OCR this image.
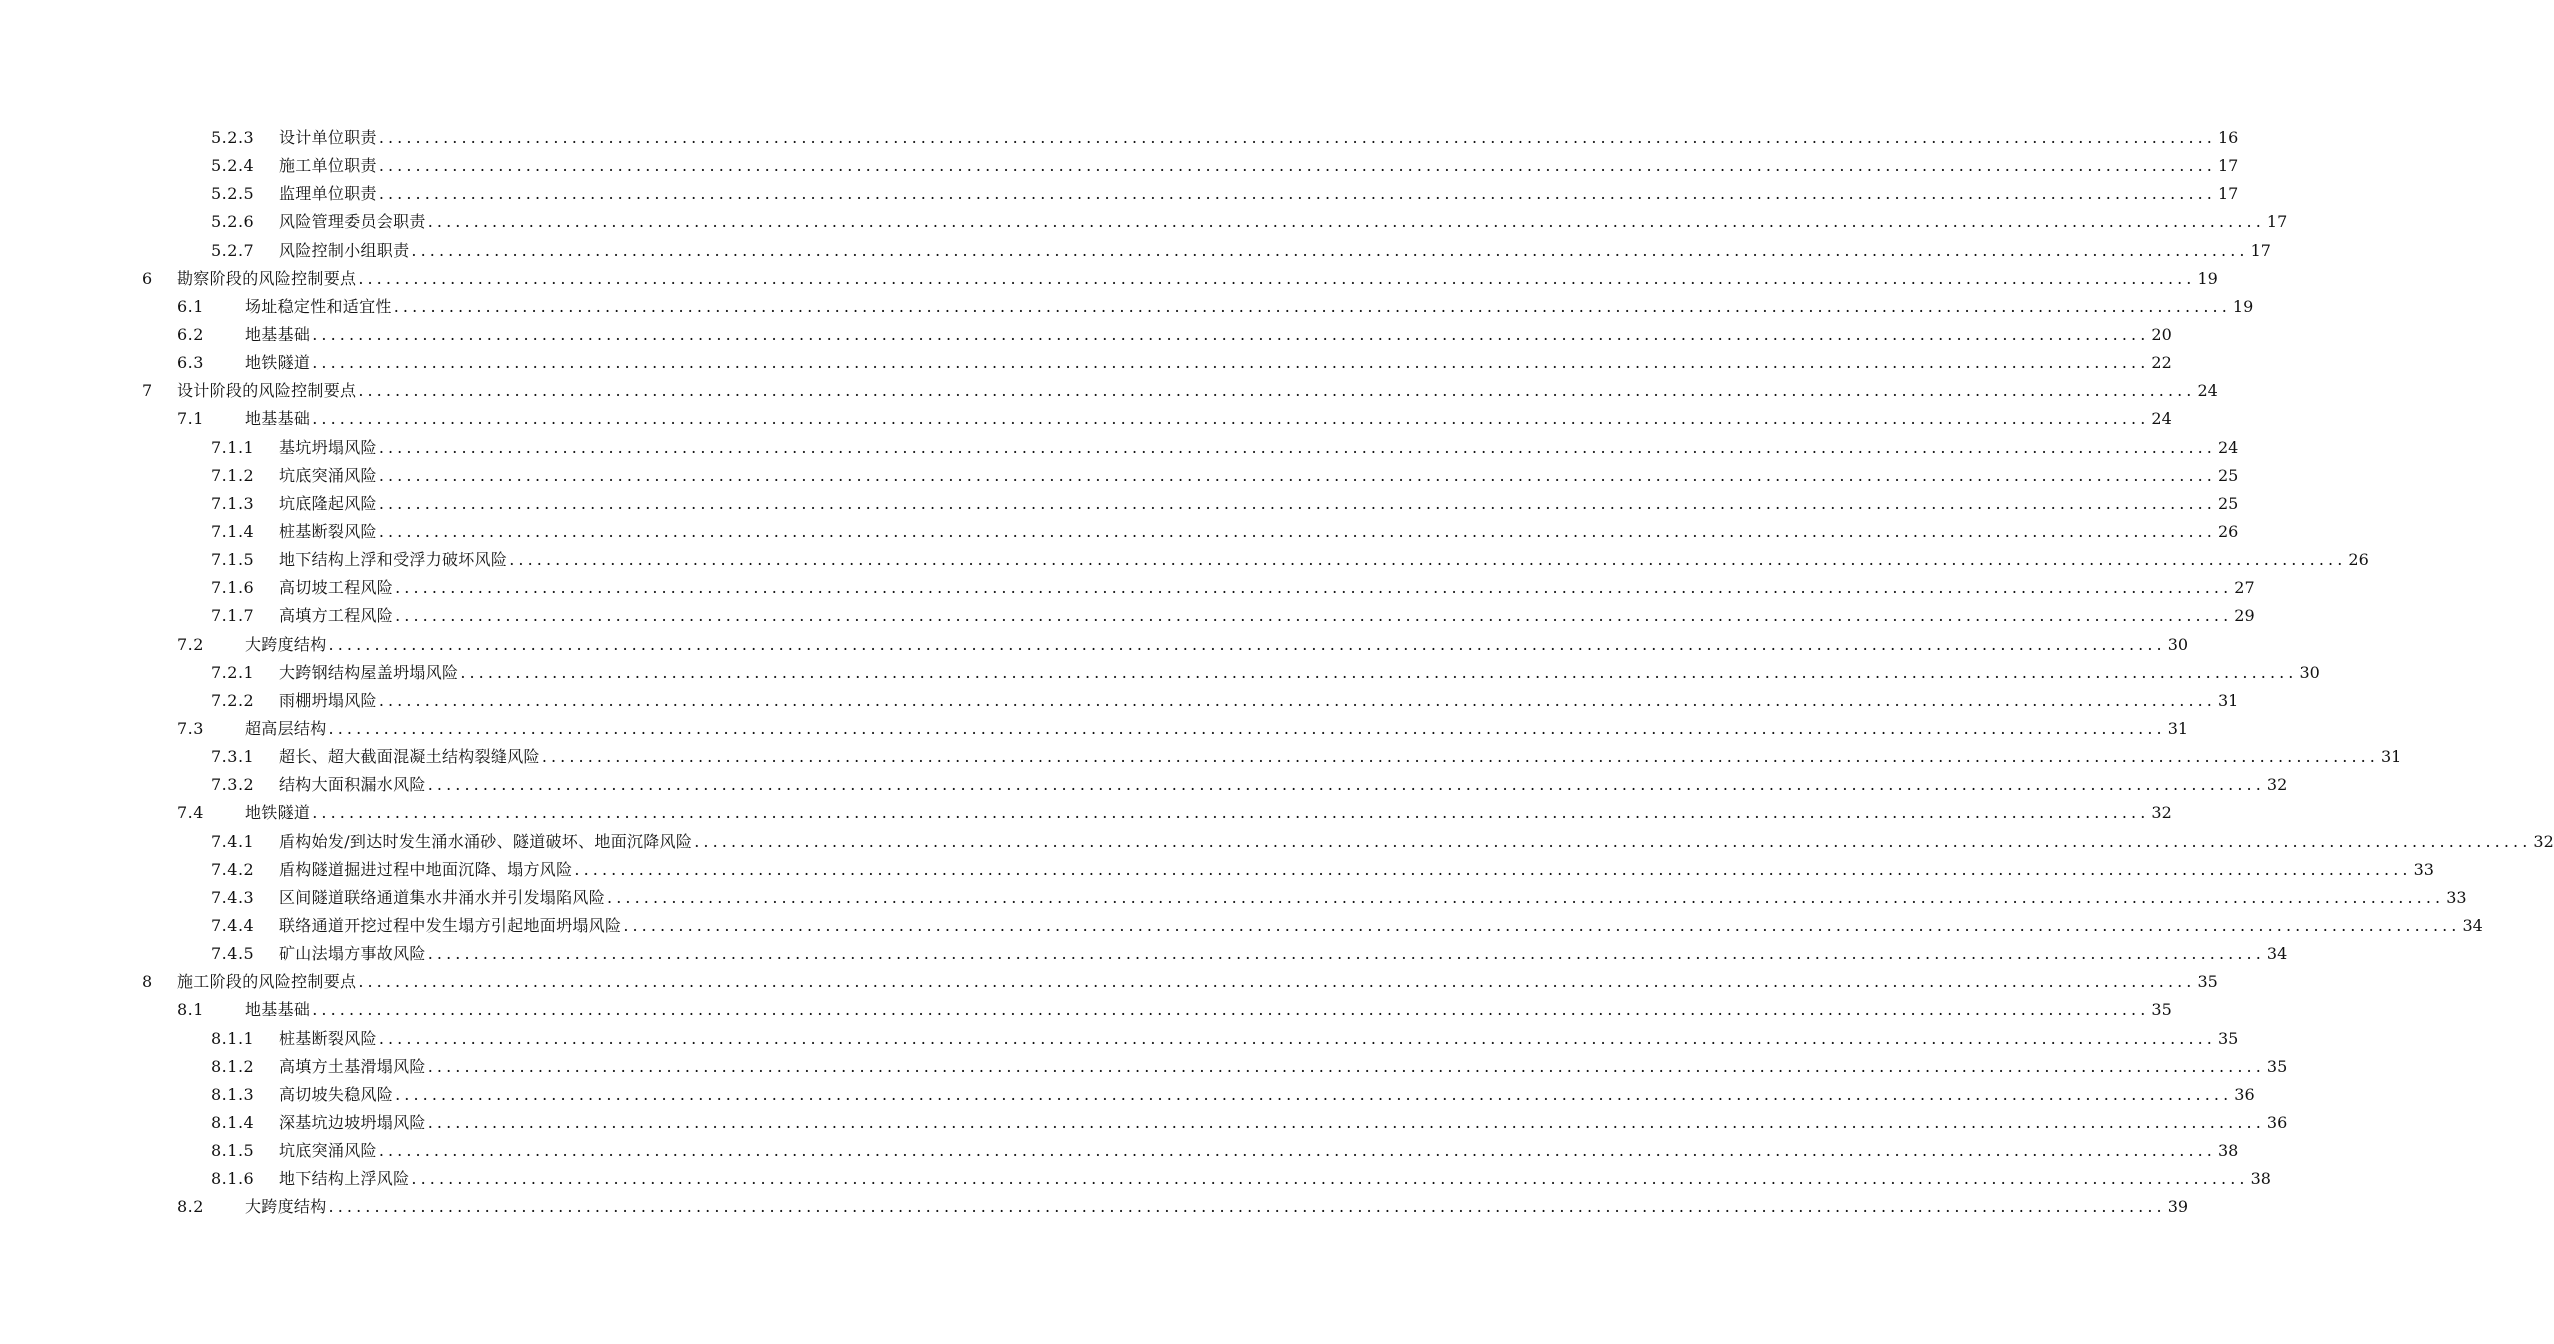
5.2.3 设计单位职责 ........................................................................................................................................................................................................ 16
5.2.4 施工单位职责 ........................................................................................................................................................................................................ 17
5.2.5 监理单位职责 ........................................................................................................................................................................................................ 17
5.2.6 风险管理委员会职责 ........................................................................................................................................................................................................ 17
5.2.7 风险控制小组职责 ........................................................................................................................................................................................................ 17
6 勘察阶段的风险控制要点 ........................................................................................................................................................................................................ 19
6.1	场址稳定性和适宜性 ........................................................................................................................................................................................................ 19
6.2	地基基础 ........................................................................................................................................................................................................ 20
6.3	地铁隧道 ........................................................................................................................................................................................................ 22
7 设计阶段的风险控制要点 ........................................................................................................................................................................................................ 24
7.1	地基基础 ........................................................................................................................................................................................................ 24
7.1.1 基坑坍塌风险 ........................................................................................................................................................................................................ 24
7.1.2 坑底突涌风险 ........................................................................................................................................................................................................ 25
7.1.3 坑底隆起风险 ........................................................................................................................................................................................................ 25
7.1.4 桩基断裂风险 ........................................................................................................................................................................................................ 26
7.1.5 地下结构上浮和受浮力破坏风险 ........................................................................................................................................................................................................ 26
7.1.6 高切坡工程风险 ........................................................................................................................................................................................................ 27
7.1.7 高填方工程风险 ........................................................................................................................................................................................................ 29
7.2	大跨度结构 ........................................................................................................................................................................................................ 30
7.2.1 大跨钢结构屋盖坍塌风险 ........................................................................................................................................................................................................ 30
7.2.2 雨棚坍塌风险 ........................................................................................................................................................................................................ 31
7.3	超高层结构 ........................................................................................................................................................................................................ 31
7.3.1 超长、超大截面混凝土结构裂缝风险 ........................................................................................................................................................................................................ 31
7.3.2 结构大面积漏水风险 ........................................................................................................................................................................................................ 32
7.4	地铁隧道 ........................................................................................................................................................................................................ 32
7.4.1 盾构始发/到达时发生涌水涌砂、隧道破坏、地面沉降风险 ........................................................................................................................................................................................................ 32
7.4.2 盾构隧道掘进过程中地面沉降、塌方风险 ........................................................................................................................................................................................................ 33
7.4.3 区间隧道联络通道集水井涌水并引发塌陷风险 ........................................................................................................................................................................................................ 33
7.4.4 联络通道开挖过程中发生塌方引起地面坍塌风险 ........................................................................................................................................................................................................ 34
7.4.5 矿山法塌方事故风险 ........................................................................................................................................................................................................ 34
8 施工阶段的风险控制要点 ........................................................................................................................................................................................................ 35
8.1	地基基础 ........................................................................................................................................................................................................ 35
8.1.1 桩基断裂风险 ........................................................................................................................................................................................................ 35
8.1.2 高填方土基滑塌风险 ........................................................................................................................................................................................................ 35
8.1.3 高切坡失稳风险 ........................................................................................................................................................................................................ 36
8.1.4 深基坑边坡坍塌风险 ........................................................................................................................................................................................................ 36
8.1.5 坑底突涌风险 ........................................................................................................................................................................................................ 38
8.1.6 地下结构上浮风险 ........................................................................................................................................................................................................ 38
8.2	大跨度结构 ........................................................................................................................................................................................................ 39
